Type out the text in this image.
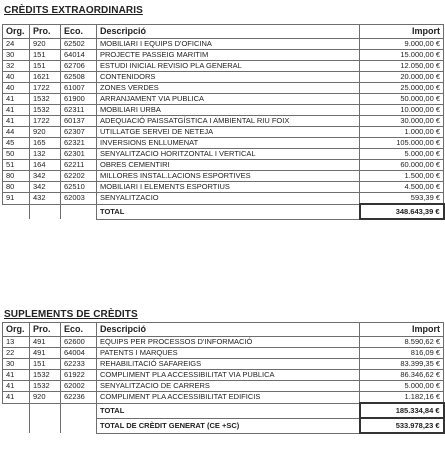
CRÈDITS EXTRAORDINARIS
Org.	Pro.	Eco.	Descripció	Import
24	920	62502	MOBILIARI I EQUIPS D'OFICINA	9.000,00 €
30	151	64014	PROJECTE PASSEIG MARITIM	15.000,00 €
32	151	62706	ESTUDI INICIAL REVISIO PLA GENERAL	12.050,00 €
40	1621	62508	CONTENIDORS	20.000,00 €
40	1722	61007	ZONES VERDES	25.000,00 €
41	1532	61900	ARRANJAMENT VIA PUBLICA	50.000,00 €
41	1532	62311	MOBILIARI URBA	10.000,00 €
41	1722	60137	ADEQUACIÓ PAISSATGÍSTICA I AMBIENTAL RIU FOIX	30.000,00 €
44	920	62307	UTILLATGE SERVEI DE NETEJA	1.000,00 €
45	165	62321	INVERSIONS ENLLUMENAT	105.000,00 €
50	132	62301	SENYALITZACIO HORITZONTAL I VERTICAL	5.000,00 €
51	164	62211	OBRES CEMENTIRI	60.000,00 €
80	342	62202	MILLORES INSTAL.LACIONS ESPORTIVES	1.500,00 €
80	342	62510	MOBILIARI I ELEMENTS ESPORTIUS	4.500,00 €
91	432	62003	SENYALITZACIO	593,39 €
			TOTAL	348.643,39 €
SUPLEMENTS DE CRÈDITS
Org.	Pro.	Eco.	Descripció	Import
13	491	62600	EQUIPS PER PROCESSOS D'INFORMACIÓ	8.590,62 €
22	491	64004	PATENTS I MARQUES	816,09 €
30	151	62233	REHABILITACIÓ SAFAREIGS	83.399,35 €
41	1532	61922	COMPLIMENT PLA ACCESSIBILITAT VIA PUBLICA	86.346,62 €
41	1532	62002	SENYALITZACIO DE CARRERS	5.000,00 €
41	920	62236	COMPLIMENT PLA ACCESSIBILITAT EDIFICIS	1.182,16 €
			TOTAL	185.334,84 €
			TOTAL DE CRÈDIT GENERAT (CE +SC)	533.978,23 €
